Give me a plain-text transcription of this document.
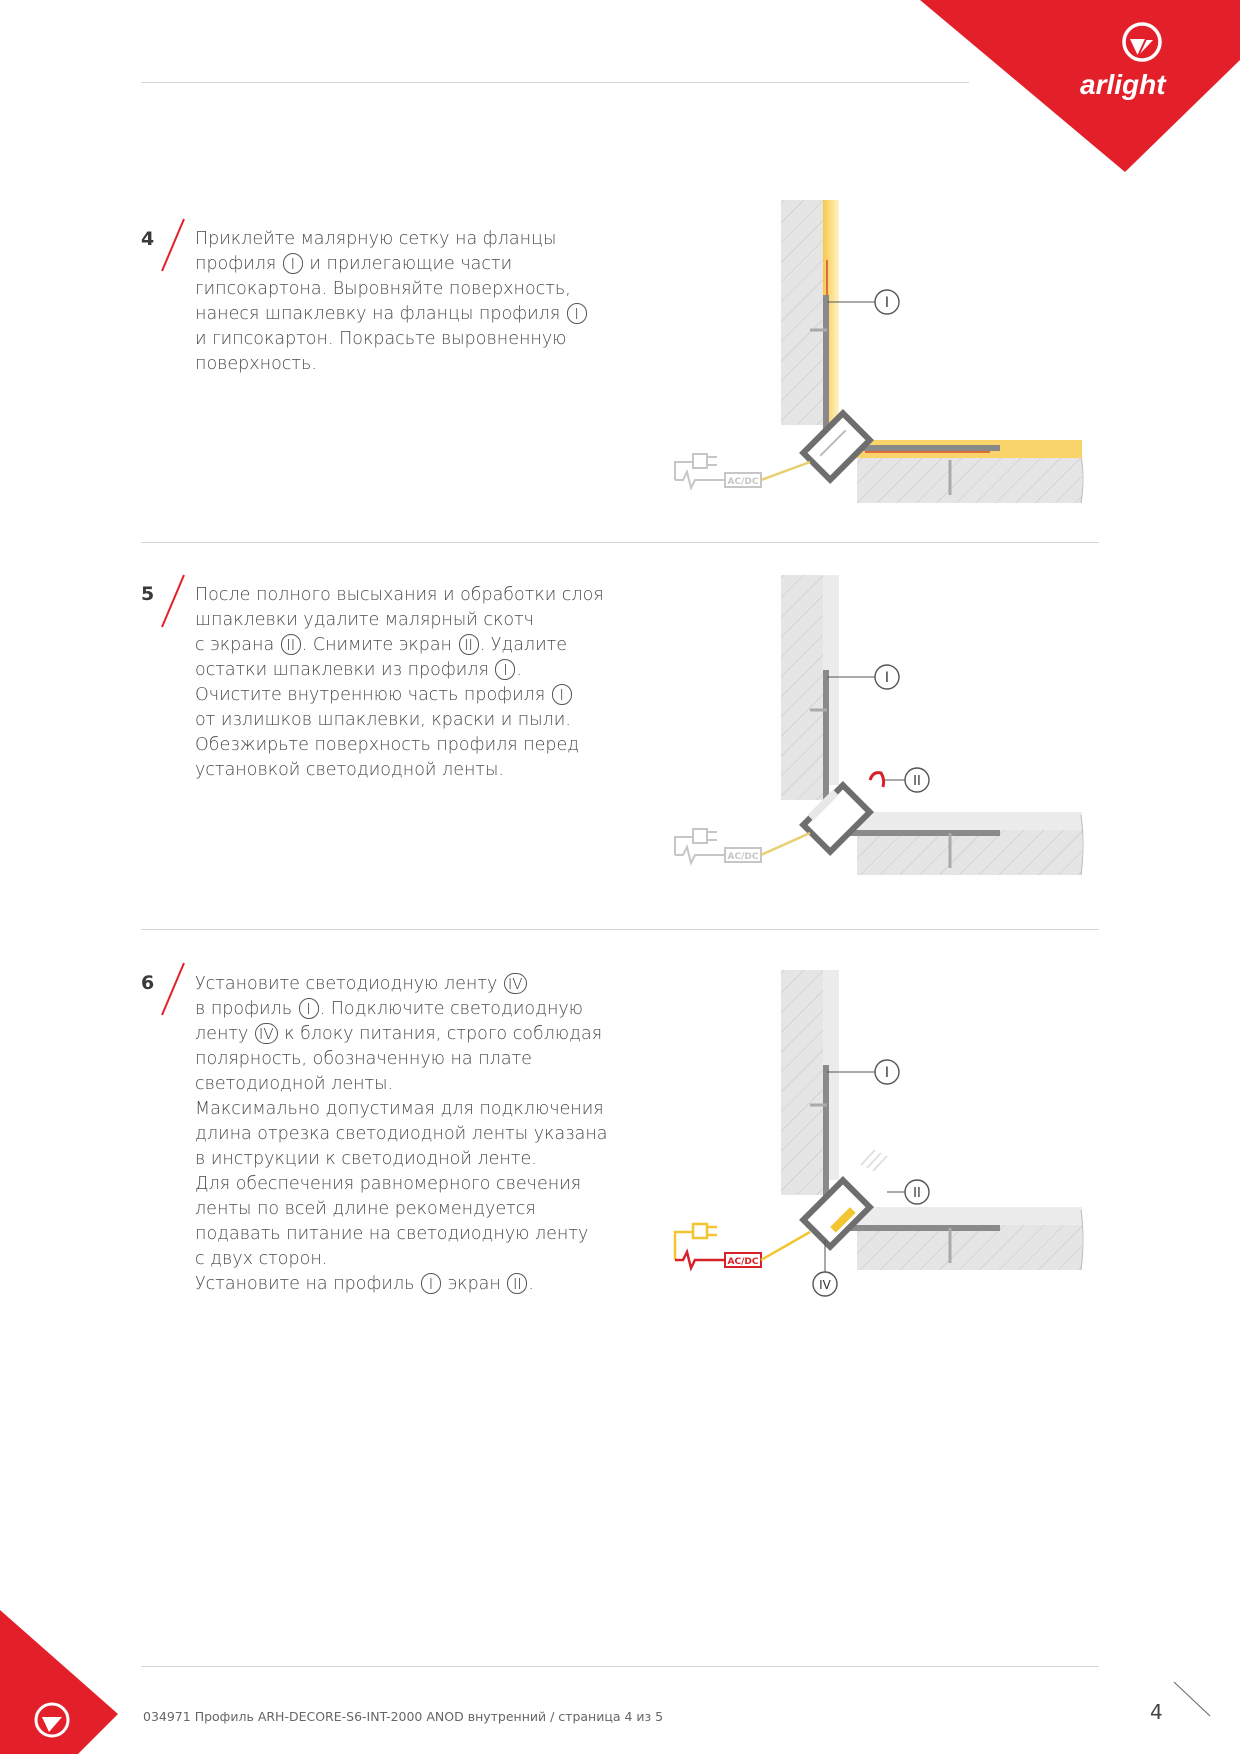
arlight
4 Приклейте малярную сетку на фланцы
профиля I и прилегающие части
гипсокартона. Выровняйте поверхность,
нанеся шпаклевку на фланцы профиля I
и гипсокартон. Покрасьте выровненную
поверхность.
I
AC/DC
5 После полного высыхания и обработки слоя
шпаклевки удалите малярный скотч
с экрана II . Снимите экран II . Удалите
остатки шпаклевки из профиля I .
Очистите внутреннюю часть профиля I
от излишков шпаклевки, краски и пыли.
Обезжирьте поверхность профиля перед
установкой светодиодной ленты.
I
II
AC/DC
6 Установите светодиодную ленту IV
в профиль I . Подключите светодиодную
ленту IV к блоку питания, строго соблюдая
полярность, обозначенную на плате
светодиодной ленты.
Максимально допустимая для подключения
длина отрезка светодиодной ленты указана
в инструкции к светодиодной ленте.
Для обеспечения равномерного свечения
ленты по всей длине рекомендуется
подавать питание на светодиодную ленту
с двух сторон.
Установите на профиль I экран II .
I
II
IV
AC/DC
034971 Профиль ARH-DECORE-S6-INT-2000 ANOD внутренний / страница 4 из 5	4
